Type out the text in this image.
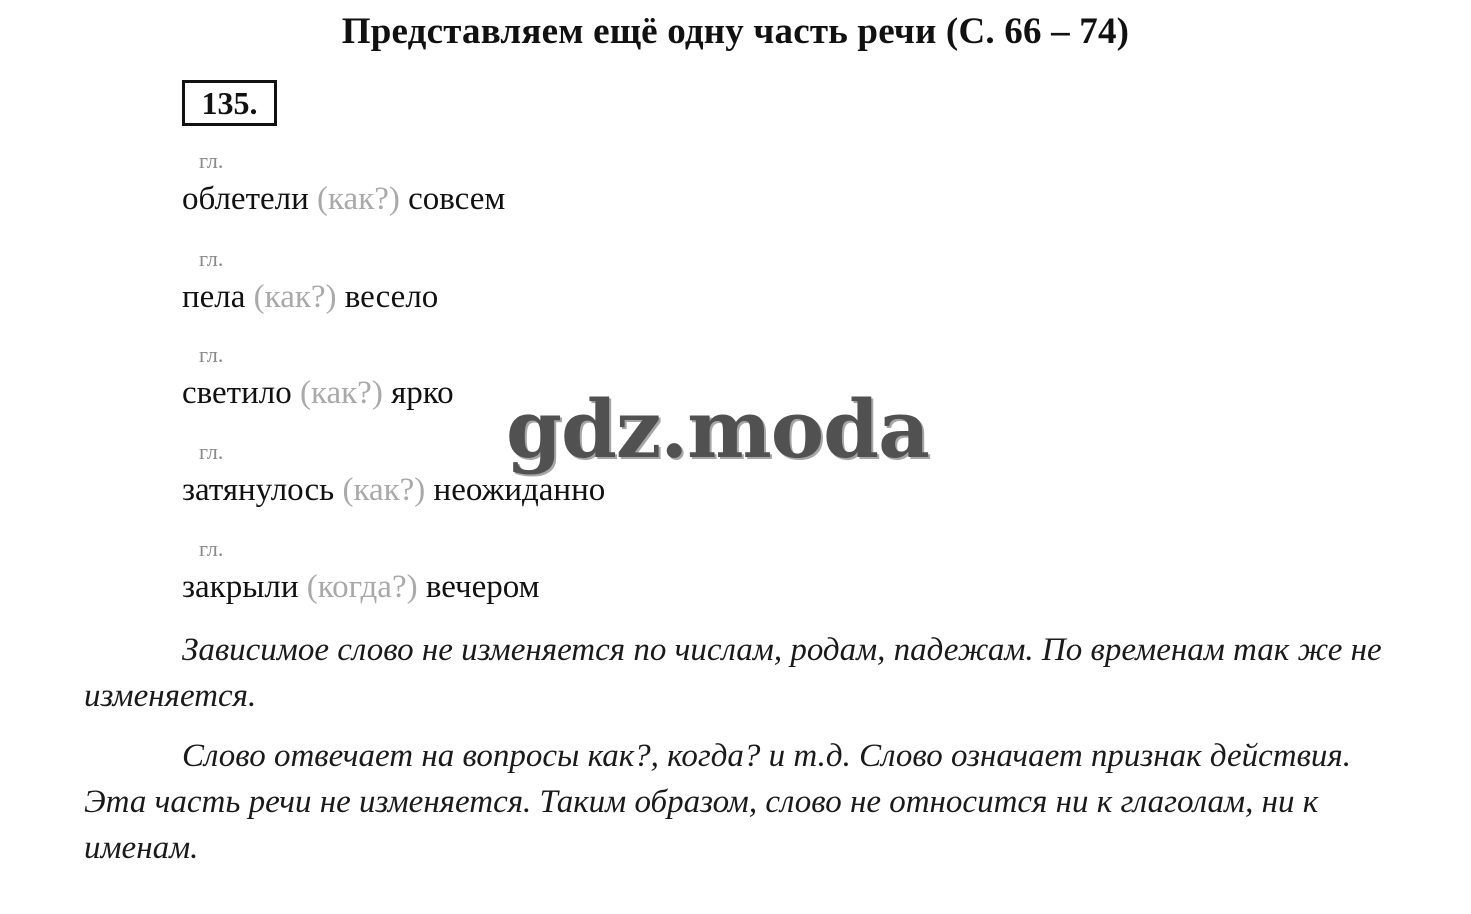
Представляем ещё одну часть речи (С. 66 – 74)
135.
гл.
облетели (как?) совсем
гл.
пела (как?) весело
гл.
светило (как?) ярко
гл.
затянулось (как?) неожиданно
гл.
закрыли (когда?) вечером
Зависимое слово не изменяется по числам, родам, падежам. По временам так же не изменяется.
Слово отвечает на вопросы как?, когда? и т.д. Слово означает признак действия. Эта часть речи не изменяется. Таким образом, слово не относится ни к глаголам, ни к именам.
gdz.moda
